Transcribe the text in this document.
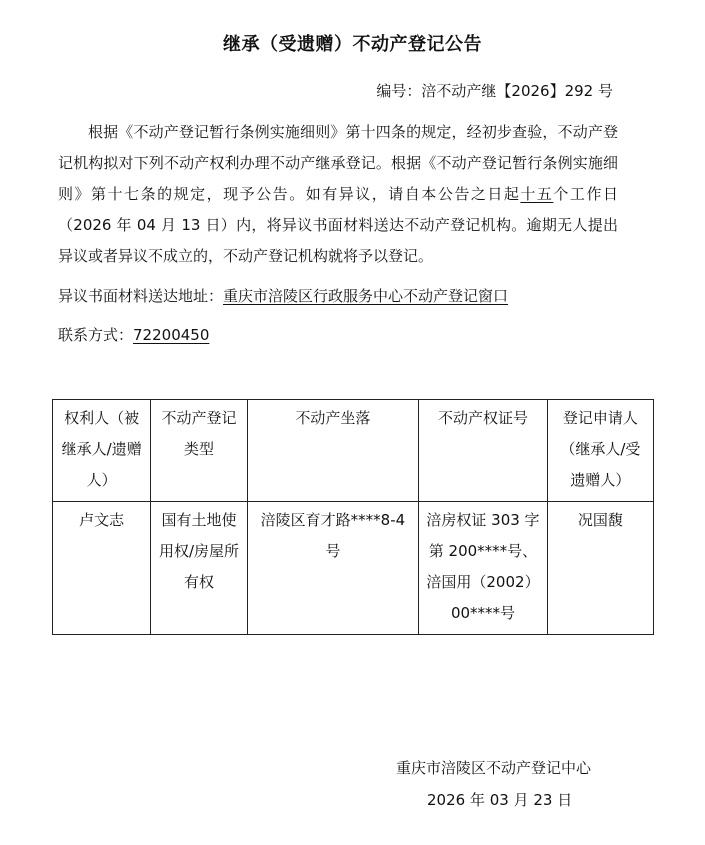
继承（受遗赠）不动产登记公告
编号：涪不动产继【2026】292 号
根据《不动产登记暂行条例实施细则》第十四条的规定，经初步查验，不动产登记机构拟对下列不动产权利办理不动产继承登记。根据《不动产登记暂行条例实施细则》第十七条的规定，现予公告。如有异议，请自本公告之日起十五个工作日（2026 年 04 月 13 日）内，将异议书面材料送达不动产登记机构。逾期无人提出异议或者异议不成立的，不动产登记机构就将予以登记。
异议书面材料送达地址：重庆市涪陵区行政服务中心不动产登记窗口
联系方式：72200450
权利人（被继承人/遗赠人）	不动产登记类型	不动产坐落	不动产权证号	登记申请人（继承人/受遗赠人）
卢文志	国有土地使用权/房屋所有权	涪陵区育才路****8-4 号	涪房权证 303 字第 200****号、涪国用（2002）00****号	况国馥
重庆市涪陵区不动产登记中心
2026 年 03 月 23 日
